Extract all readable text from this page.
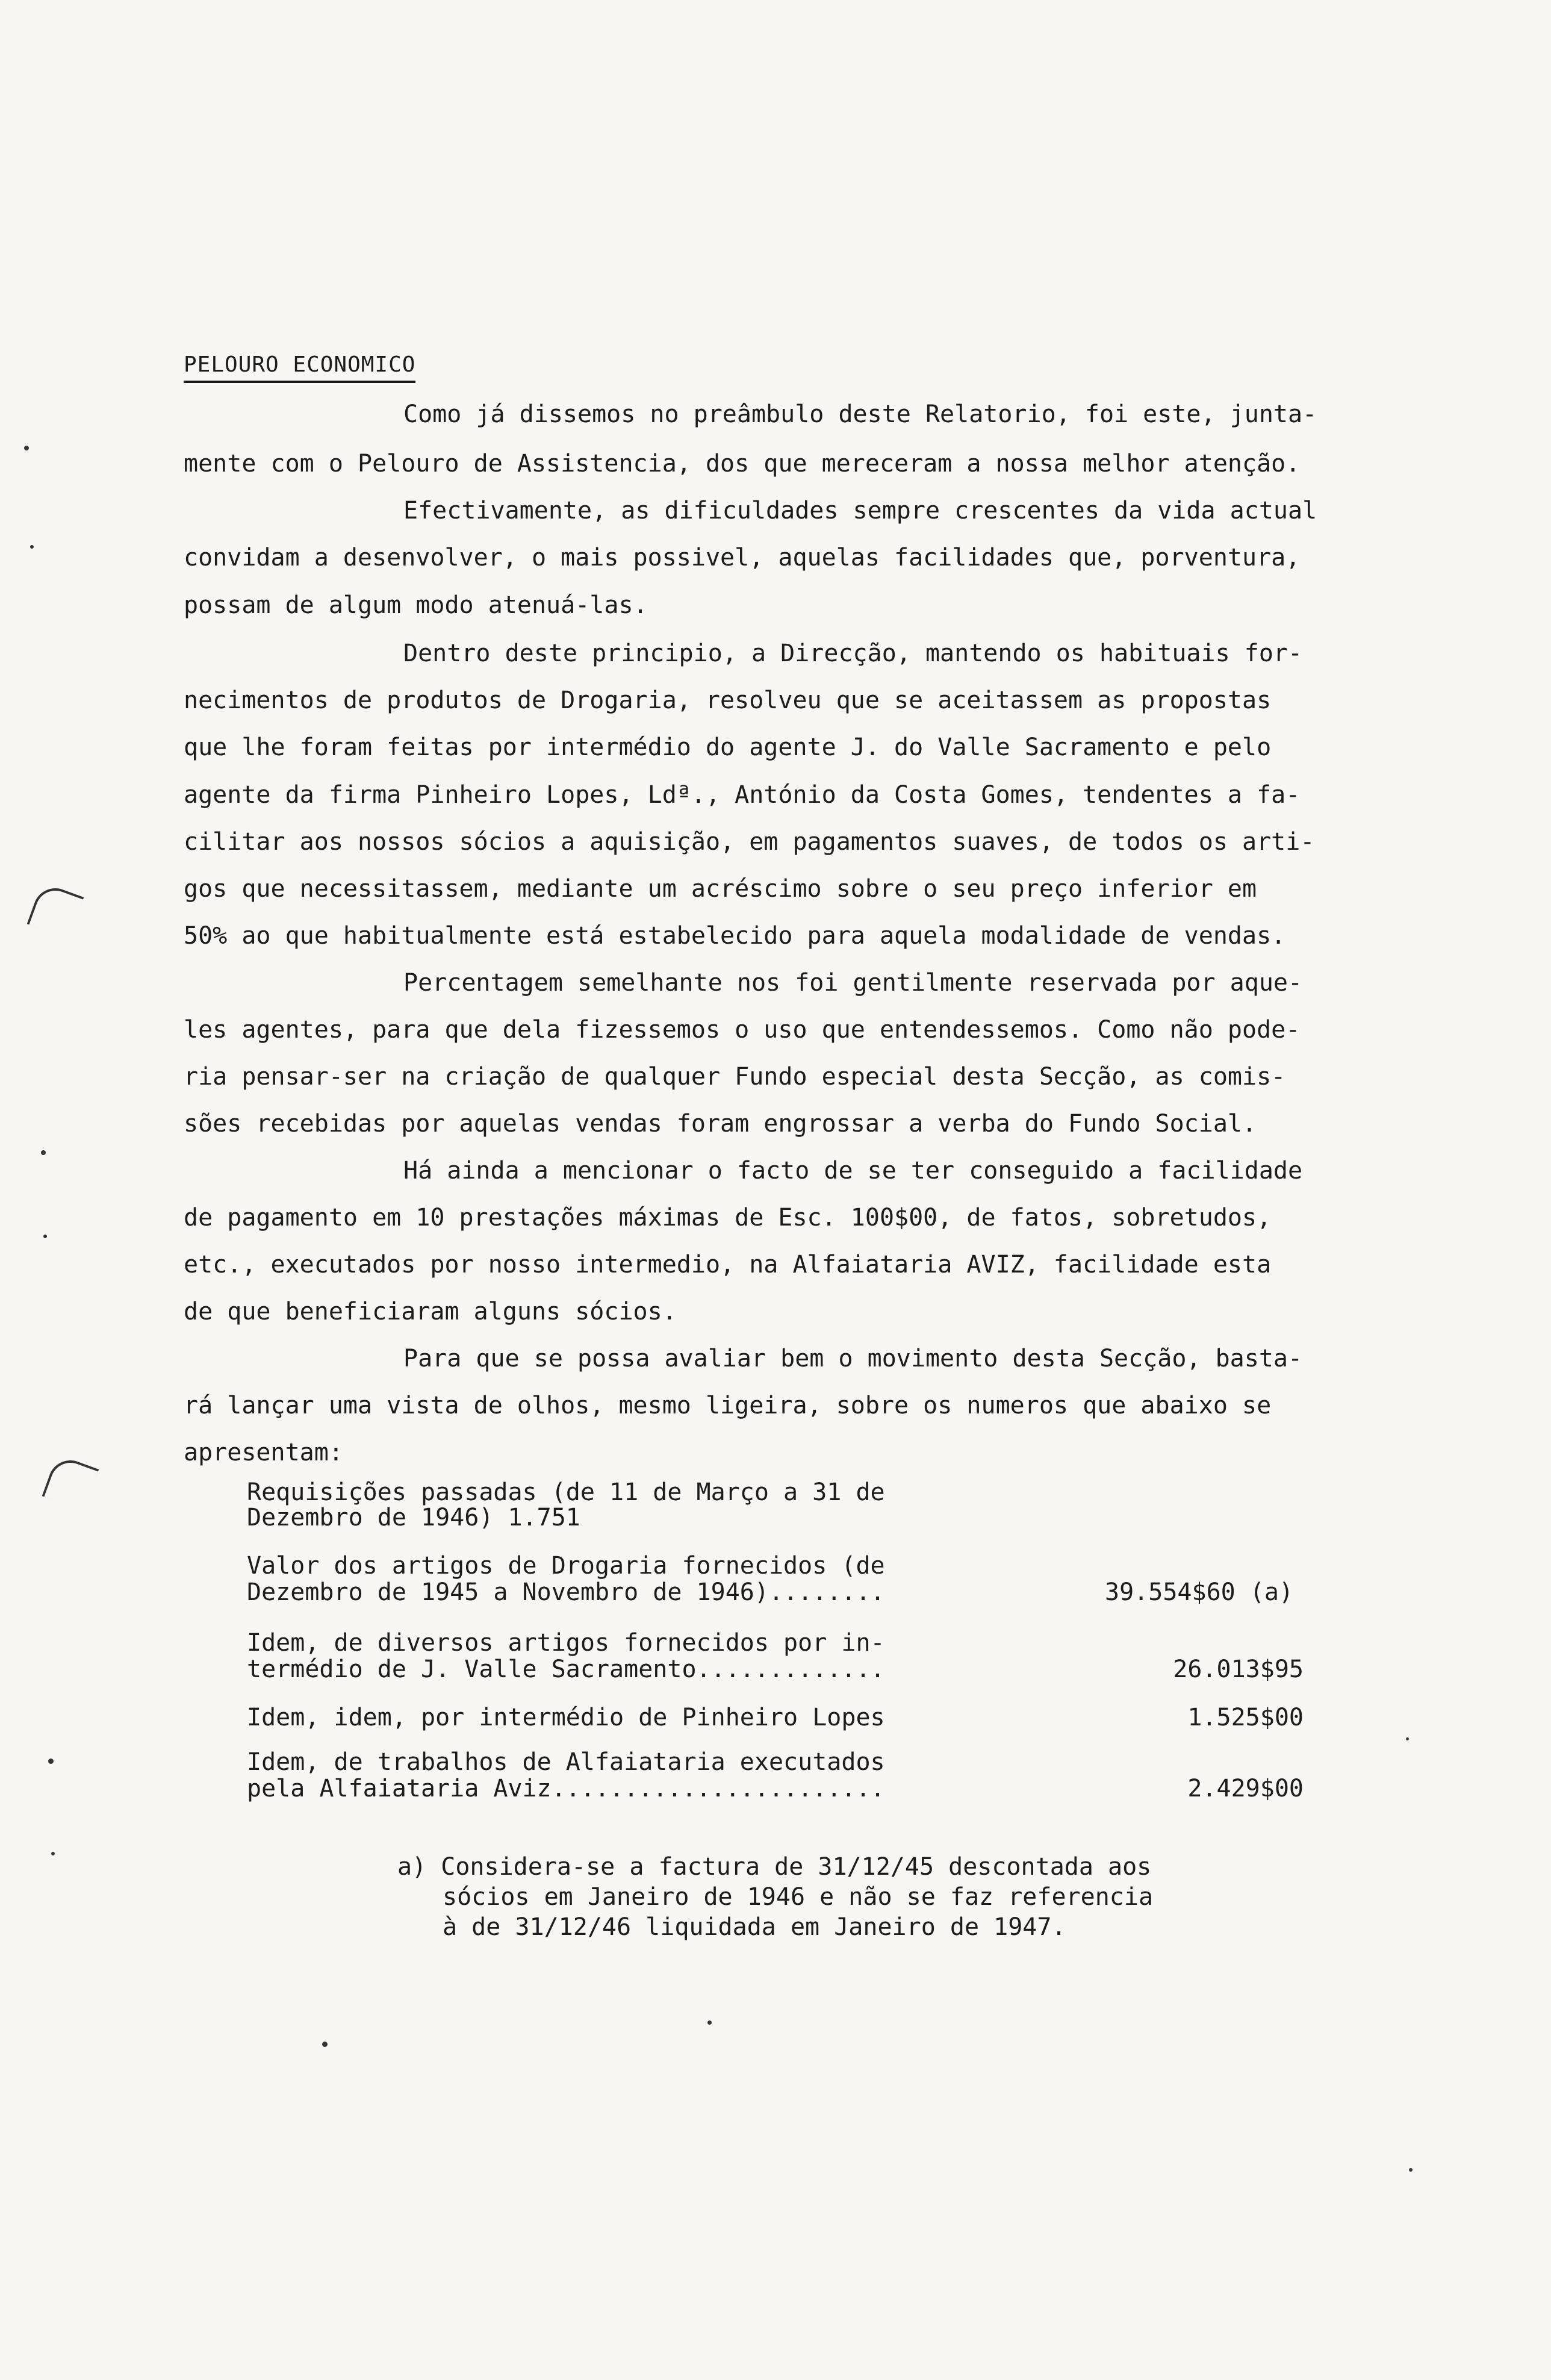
PELOURO ECONOMICO
Como já dissemos no preâmbulo deste Relatorio, foi este, junta-
mente com o Pelouro de Assistencia, dos que mereceram a nossa melhor atenção.
Efectivamente, as dificuldades sempre crescentes da vida actual
convidam a desenvolver, o mais possivel, aquelas facilidades que, porventura,
possam de algum modo atenuá-las.
Dentro deste principio, a Direcção, mantendo os habituais for-
necimentos de produtos de Drogaria, resolveu que se aceitassem as propostas
que lhe foram feitas por intermédio do agente J. do Valle Sacramento e pelo
agente da firma Pinheiro Lopes, Ldª., António da Costa Gomes, tendentes a fa-
cilitar aos nossos sócios a aquisição, em pagamentos suaves, de todos os arti-
gos que necessitassem, mediante um acréscimo sobre o seu preço inferior em
50% ao que habitualmente está estabelecido para aquela modalidade de vendas.
Percentagem semelhante nos foi gentilmente reservada por aque-
les agentes, para que dela fizessemos o uso que entendessemos. Como não pode-
ria pensar-ser na criação de qualquer Fundo especial desta Secção, as comis-
sões recebidas por aquelas vendas foram engrossar a verba do Fundo Social.
Há ainda a mencionar o facto de se ter conseguido a facilidade
de pagamento em 10 prestações máximas de Esc. 100$00, de fatos, sobretudos,
etc., executados por nosso intermedio, na Alfaiataria AVIZ, facilidade esta
de que beneficiaram alguns sócios.
Para que se possa avaliar bem o movimento desta Secção, basta-
rá lançar uma vista de olhos, mesmo ligeira, sobre os numeros que abaixo se
apresentam:
Requisições passadas (de 11 de Março a 31 de
Dezembro de 1946) 1.751
Valor dos artigos de Drogaria fornecidos (de
Dezembro de 1945 a Novembro de 1946)........	39.554$60 (a)
Idem, de diversos artigos fornecidos por in-
termédio de J. Valle Sacramento.............	26.013$95
Idem, idem, por intermédio de Pinheiro Lopes	1.525$00
Idem, de trabalhos de Alfaiataria executados
pela Alfaiataria Aviz.......................	2.429$00
a) Considera-se a factura de 31/12/45 descontada aos
sócios em Janeiro de 1946 e não se faz referencia
à de 31/12/46 liquidada em Janeiro de 1947.
